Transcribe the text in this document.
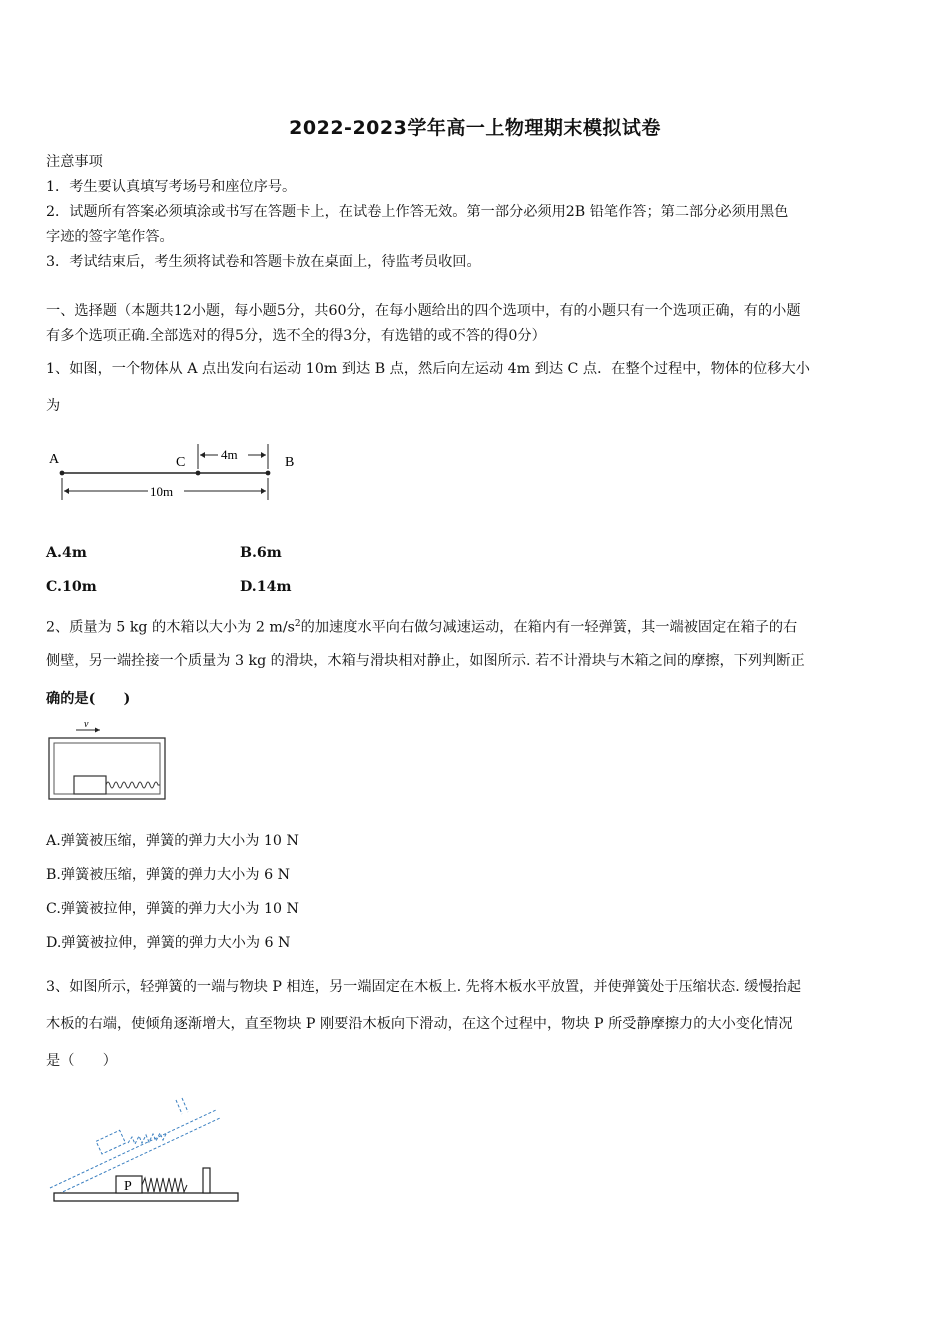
2022-2023学年高一上物理期末模拟试卷
注意事项
1．考生要认真填写考场号和座位序号。
2．试题所有答案必须填涂或书写在答题卡上，在试卷上作答无效。第一部分必须用2B 铅笔作答；第二部分必须用黑色
字迹的签字笔作答。
3．考试结束后，考生须将试卷和答题卡放在桌面上，待监考员收回。
一、选择题（本题共12小题，每小题5分，共60分，在每小题给出的四个选项中，有的小题只有一个选项正确，有的小题
有多个选项正确.全部选对的得5分，选不全的得3分，有选错的或不答的得0分）
1、如图，一个物体从 A 点出发向右运动 10m 到达 B 点，然后向左运动 4m 到达 C 点．在整个过程中，物体的位移大小
为
A	C	B
4m
10m
A.4m	B.6m
C.10m	D.14m
2、质量为 5 kg 的木箱以大小为 2 $m/s^2$的加速度水平向右做匀减速运动，在箱内有一轻弹簧，其一端被固定在箱子的右
侧壁，另一端拴接一个质量为 3 kg 的滑块，木箱与滑块相对静止，如图所示. 若不计滑块与木箱之间的摩擦，下列判断正
确的是(　　)
v
A.弹簧被压缩，弹簧的弹力大小为 10 N
B.弹簧被压缩，弹簧的弹力大小为 6 N
C.弹簧被拉伸，弹簧的弹力大小为 10 N
D.弹簧被拉伸，弹簧的弹力大小为 6 N
3、如图所示，轻弹簧的一端与物块 P 相连，另一端固定在木板上. 先将木板水平放置，并使弹簧处于压缩状态. 缓慢抬起
木板的右端，使倾角逐渐增大，直至物块 P 刚要沿木板向下滑动，在这个过程中，物块 P 所受静摩擦力的大小变化情况
是（　　）
P
